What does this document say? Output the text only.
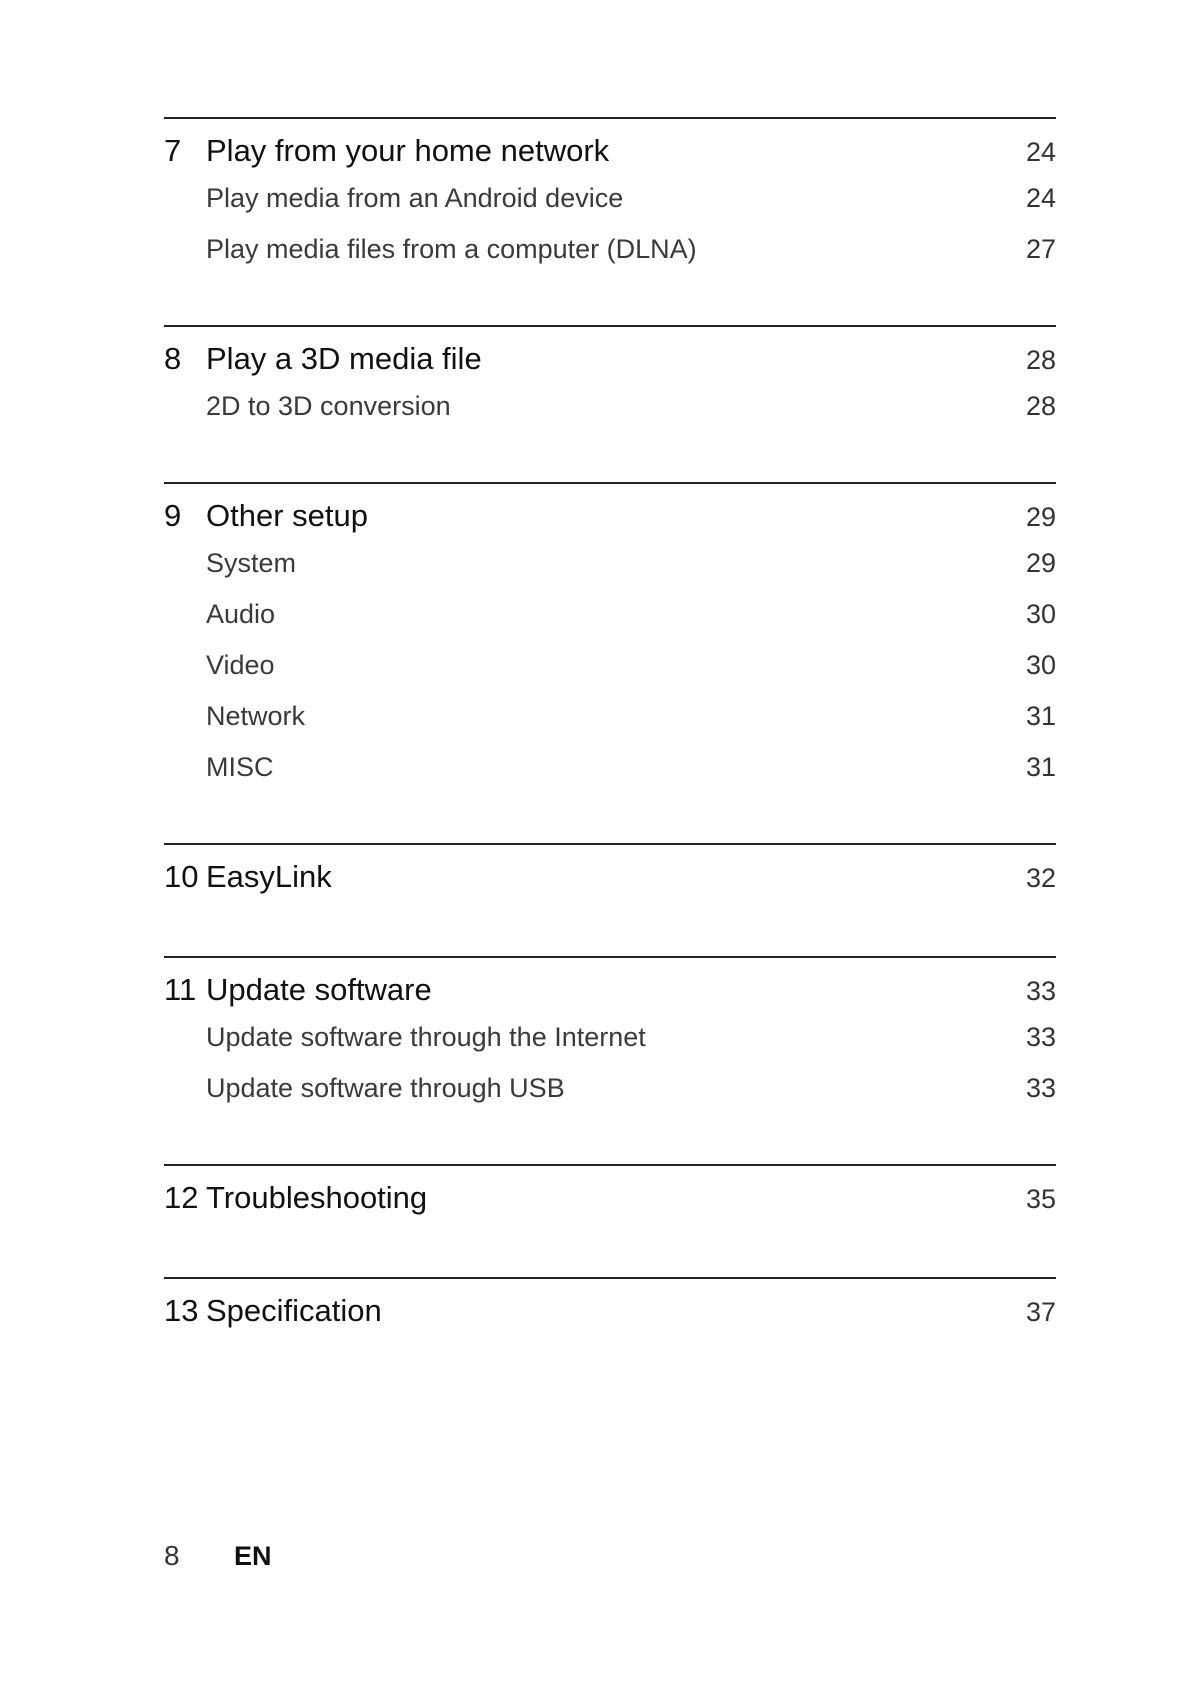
7 Play from your home network	24
Play media from an Android device	24
Play media files from a computer (DLNA)	27
8 Play a 3D media file	28
2D to 3D conversion	28
9 Other setup	29
System	29
Audio	30
Video	30
Network	31
MISC	31
10 EasyLink	32
11 Update software	33
Update software through the Internet	33
Update software through USB	33
12 Troubleshooting	35
13 Specification	37
8	EN
